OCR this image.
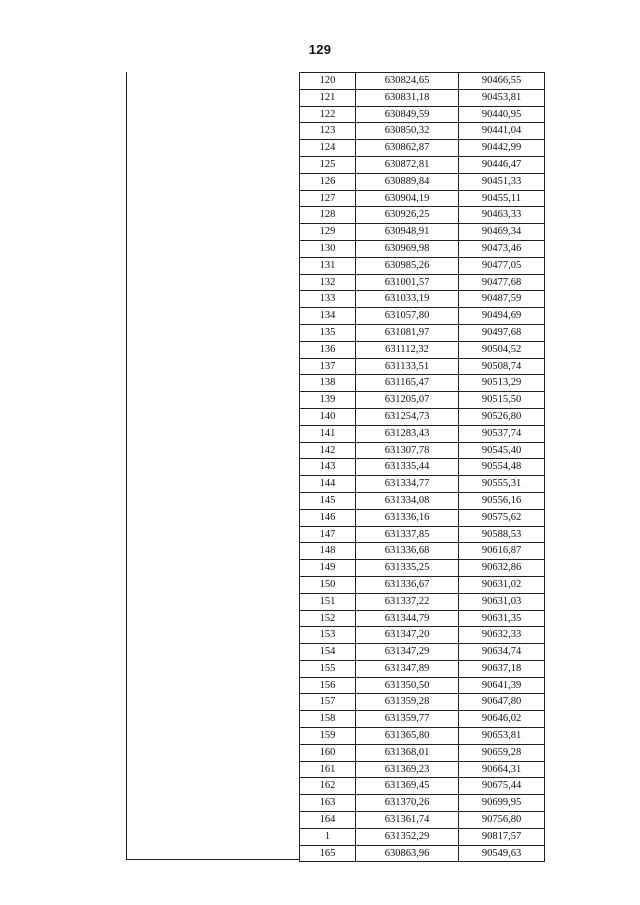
129
120	630824,65	90466,55
121	630831,18	90453,81
122	630849,59	90440,95
123	630850,32	90441,04
124	630862,87	90442,99
125	630872,81	90446,47
126	630889,84	90451,33
127	630904,19	90455,11
128	630926,25	90463,33
129	630948,91	90469,34
130	630969,98	90473,46
131	630985,26	90477,05
132	631001,57	90477,68
133	631033,19	90487,59
134	631057,80	90494,69
135	631081,97	90497,68
136	631112,32	90504,52
137	631133,51	90508,74
138	631165,47	90513,29
139	631205,07	90515,50
140	631254,73	90526,80
141	631283,43	90537,74
142	631307,78	90545,40
143	631335,44	90554,48
144	631334,77	90555,31
145	631334,08	90556,16
146	631336,16	90575,62
147	631337,85	90588,53
148	631336,68	90616,87
149	631335,25	90632,86
150	631336,67	90631,02
151	631337,22	90631,03
152	631344,79	90631,35
153	631347,20	90632,33
154	631347,29	90634,74
155	631347,89	90637,18
156	631350,50	90641,39
157	631359,28	90647,80
158	631359,77	90646,02
159	631365,80	90653,81
160	631368,01	90659,28
161	631369,23	90664,31
162	631369,45	90675,44
163	631370,26	90699,95
164	631361,74	90756,80
1	631352,29	90817,57
165	630863,96	90549,63
